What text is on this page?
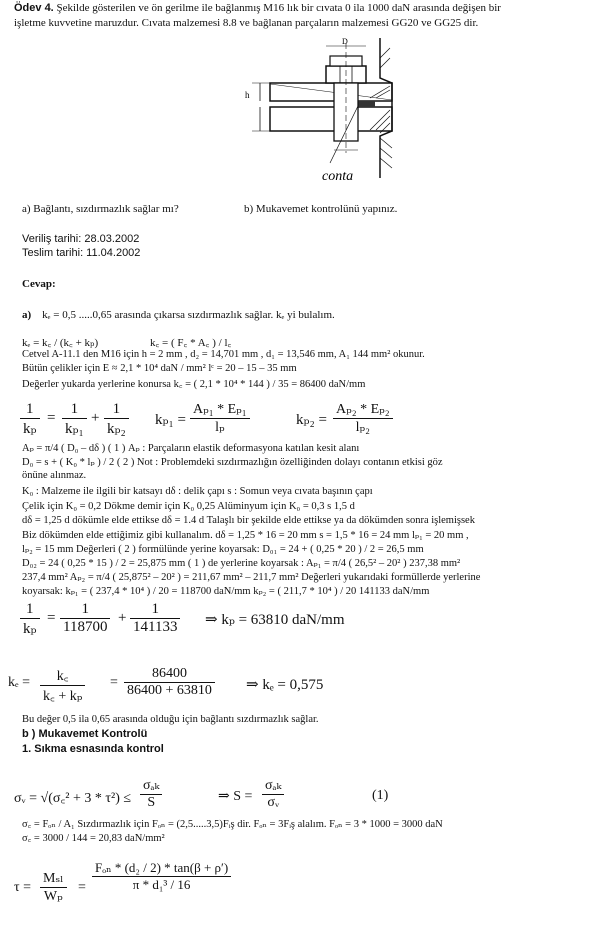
Ödev 4. Şekilde gösterilen ve ön gerilme ile bağlanmış M16 lık bir cıvata 0 ila 1000 daN arasında değişen bir
işletme kuvvetine maruzdur. Cıvata malzemesi 8.8 ve bağlanan parçaların malzemesi GG20 ve GG25 dir.
h
D
conta
a) Bağlantı, sızdırmazlık sağlar mı?	b) Mukavemet kontrolünü yapınız.
Veriliş tarihi: 28.03.2002
Teslim tarihi: 11.04.2002
Cevap:
a) kₑ = 0,5 .....0,65 arasında çıkarsa sızdırmazlık sağlar. kₑ yi bulalım.
kₑ = k꜀ / (k꜀ + kₚ)	k꜀ = ( F꜀ * A꜀ ) / l꜀
Cetvel A-11.1 den M16 için h = 2 mm , d₂ = 14,701 mm , d₁ = 13,546 mm, A₁ 144 mm² okunur.
Bütün çelikler için E ≈ 2,1 * 10⁴ daN / mm² lᶜ = 20 – 15 – 35 mm
Değerler yukarda yerlerine konursa k꜀ = ( 2,1 * 10⁴ * 144 ) / 35 = 86400 daN/mm
$\frac{1}{\text{kₚ}} = \frac{1}{\text{kₚ₁}} + \frac{1}{\text{kₚ₂}} k_{p1} = \frac{\text{Aₚ₁ * Eₚ₁}}{\text{lₚ}}$	$k_{p2} = \frac{\text{Aₚ₂ * Eₚ₂}}{\text{lₚ₂}}$
Aₚ = π/4 ( D₀ – dδ ) ( 1 ) Aₚ : Parçaların elastik deformasyona katılan kesit alanı
D₀ = s + ( K₀ * lₚ ) / 2 ( 2 ) Not : Problemdeki sızdırmazlığın özelliğinden dolayı contanın etkisi göz
önüne alınmaz.
K₀ : Malzeme ile ilgili bir katsayı dδ : delik çapı s : Somun veya cıvata başının çapı
Çelik için K₀ = 0,2 Dökme demir için K₀ 0,25 Alüminyum için K₀ = 0,3 s 1,5 d
dδ = 1,25 d dökümle elde ettikse dδ = 1.4 d Talaşlı bir şekilde elde ettikse ya da dökümden sonra işlemişsek
Biz dökümden elde ettiğimiz gibi kullanalım. dδ = 1,25 * 16 = 20 mm s = 1,5 * 16 = 24 mm lₚ₁ = 20 mm ,
lₚ₂ = 15 mm Değerleri ( 2 ) formülünde yerine koyarsak: D₀₁ = 24 + ( 0,25 * 20 ) / 2 = 26,5 mm
D₀₂ = 24 ( 0,25 * 15 ) / 2 = 25,875 mm ( 1 ) de yerlerine koyarsak : Aₚ₁ = π/4 ( 26,5² – 20² ) 237,38 mm²
237,4 mm² Aₚ₂ = π/4 ( 25,875² – 20² ) = 211,67 mm² – 211,7 mm² Değerleri yukarıdaki formüllerde yerlerine
koyarsak: kₚ₁ = ( 237,4 * 10⁴ ) / 20 = 118700 daN/mm kₚ₂ = ( 211,7 * 10⁴ ) / 20 141133 daN/mm
$\frac{1}{\text{kₚ}} = \frac{1}{118700} + \frac{1}{141133}$ ⇒ kₚ = 63810 daN/mm
$k_e = \frac{k꜀}{\text{k꜀ + kₚ}} = \frac{86400}{86400 + 63810}$ ⇒ kₑ = 0,575
Bu değer 0,5 ila 0,65 arasında olduğu için bağlantı sızdırmazlık sağlar.
b ) Mukavemet Kontrolü
1. Sıkma esnasında kontrol
σᵥ = √(σ꜀² + 3 * τ²) ≤
σₐₖ
S	⇒ S =
σₐₖ
σᵥ	(1)
σ꜀ = Fₒₙ / A₁ Sızdırmazlık için Fₒₙ = (2,5.....3,5)Fᵢş dir. Fₒₙ = 3Fᵢş alalım. Fₒₙ = 3 * 1000 = 3000 daN
σ꜀ = 3000 / 144 = 20,83 daN/mm²
τ =
Mₛₗ
Wₚ
=
Fₒₙ * (d₂ / 2) * tan(β + ρ′)
π * d₁³ / 16
